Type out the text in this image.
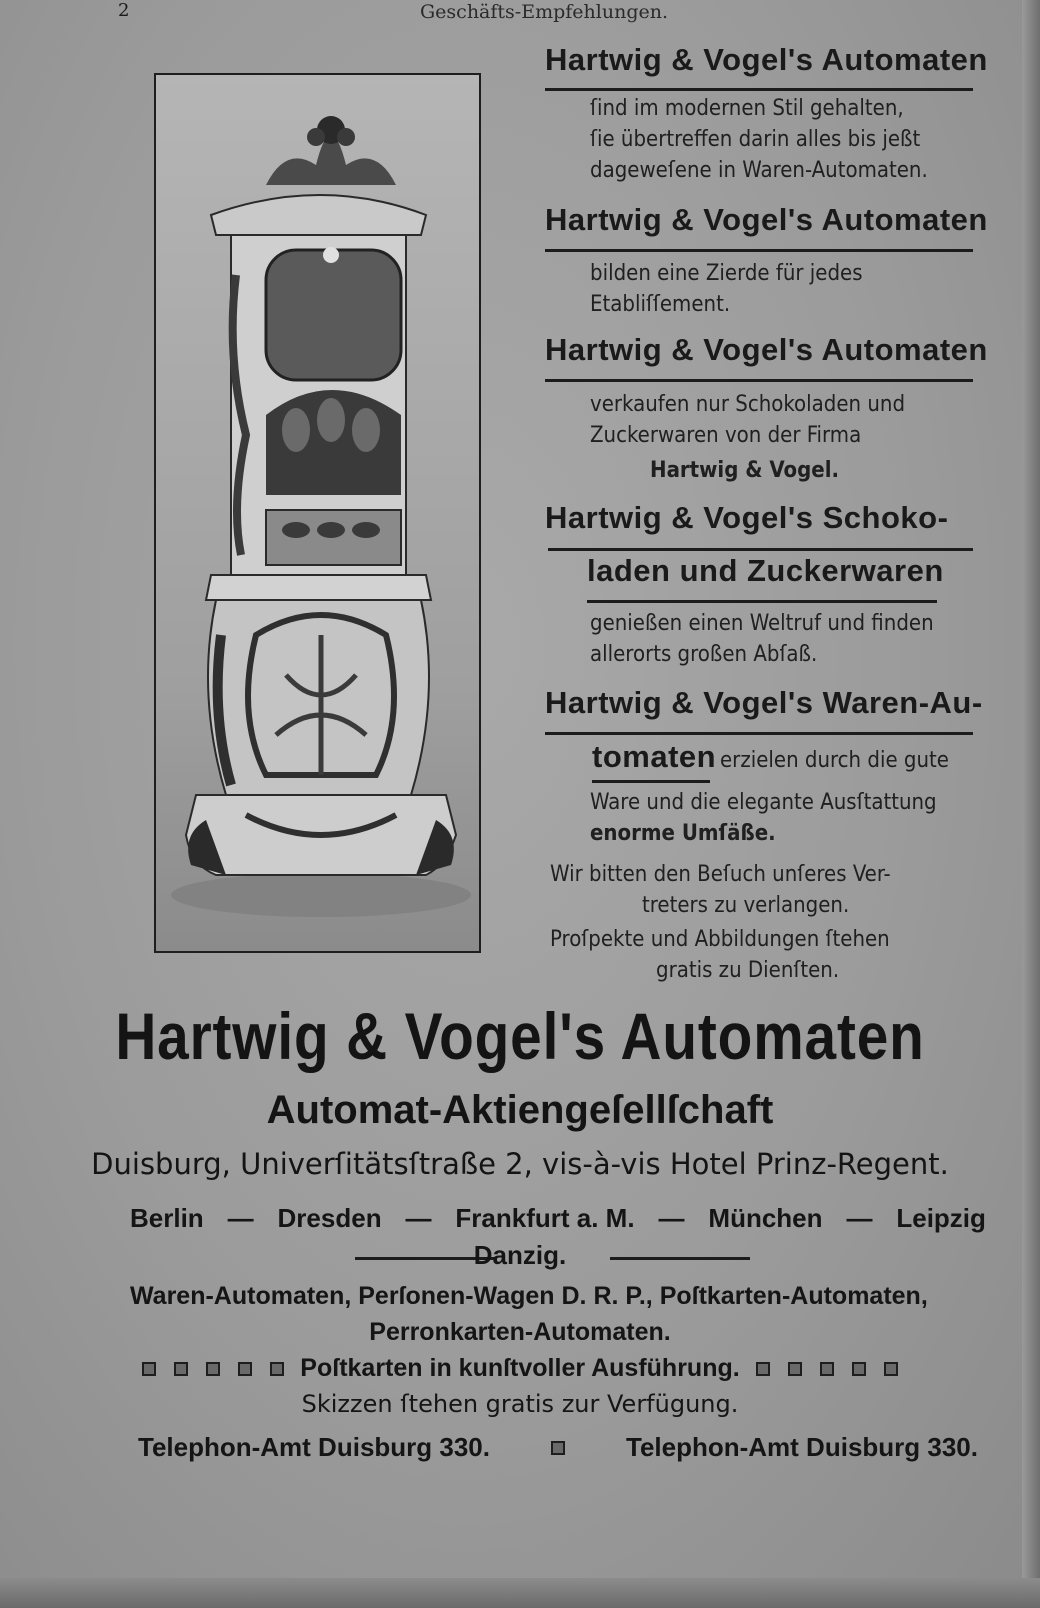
2	Geschäfts-Empfehlungen.
Hartwig & Vogel's Automaten
ſind im modernen Stil gehalten,
ſie übertreffen darin alles bis jeßt
dageweſene in Waren-Automaten.
Hartwig & Vogel's Automaten
bilden eine Zierde für jedes
Etabliſſement.
Hartwig & Vogel's Automaten
verkaufen nur Schokoladen und
Zuckerwaren von der Firma
Hartwig & Vogel.
Hartwig & Vogel's Schoko-
laden und Zuckerwaren
genießen einen Weltruf und finden
allerorts großen Abſaß.
Hartwig & Vogel's Waren-Au-
tomaten erzielen durch die gute
Ware und die elegante Ausſtattung
enorme Umſäße.
Wir bitten den Beſuch unſeres Ver-
treters zu verlangen.
Proſpekte und Abbildungen ſtehen
gratis zu Dienſten.
Hartwig & Vogel's Automaten
Automat-Aktiengeſellſchaft
Duisburg, Univerſitätsſtraße 2, vis-à-vis Hotel Prinz-Regent.
Berlin — Dresden — Frankfurt a. M. — München — Leipzig
Danzig.
Waren-Automaten, Perſonen-Wagen D. R. P., Poſtkarten-Automaten,
Perronkarten-Automaten.
Poſtkarten in kunſtvoller Ausführung.
Skizzen ſtehen gratis zur Verfügung.
Telephon-Amt Duisburg 330.	Telephon-Amt Duisburg 330.
